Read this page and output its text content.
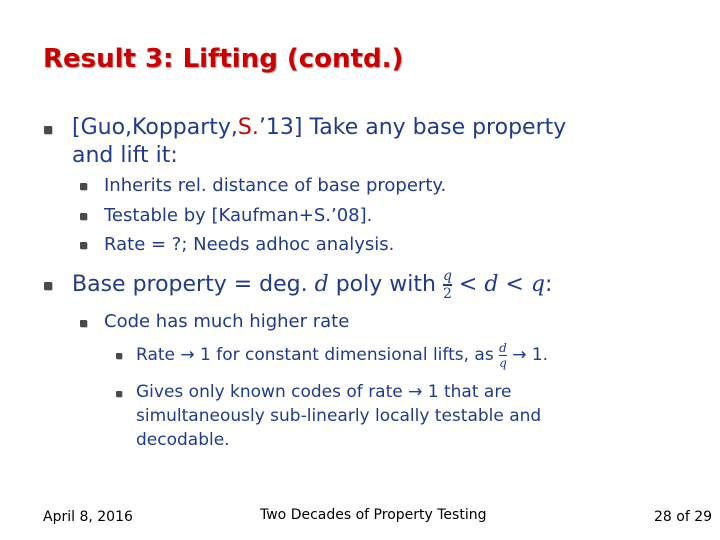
Result 3: Lifting (contd.)
[Guo,Kopparty,S.’13] Take any base property
and lift it:
Inherits rel. distance of base property.
Testable by [Kaufman+S.’08].
Rate = ?; Needs adhoc analysis.
Base property = deg. d poly with $\frac{q}{2} < d < q$:
Code has much higher rate
Rate → 1 for constant dimensional lifts, as $\frac{d}{q} \to 1$.
Gives only known codes of rate → 1 that are
simultaneously sub-linearly locally testable and
decodable.
April 8, 2016	Two Decades of Property Testing	28 of 29
